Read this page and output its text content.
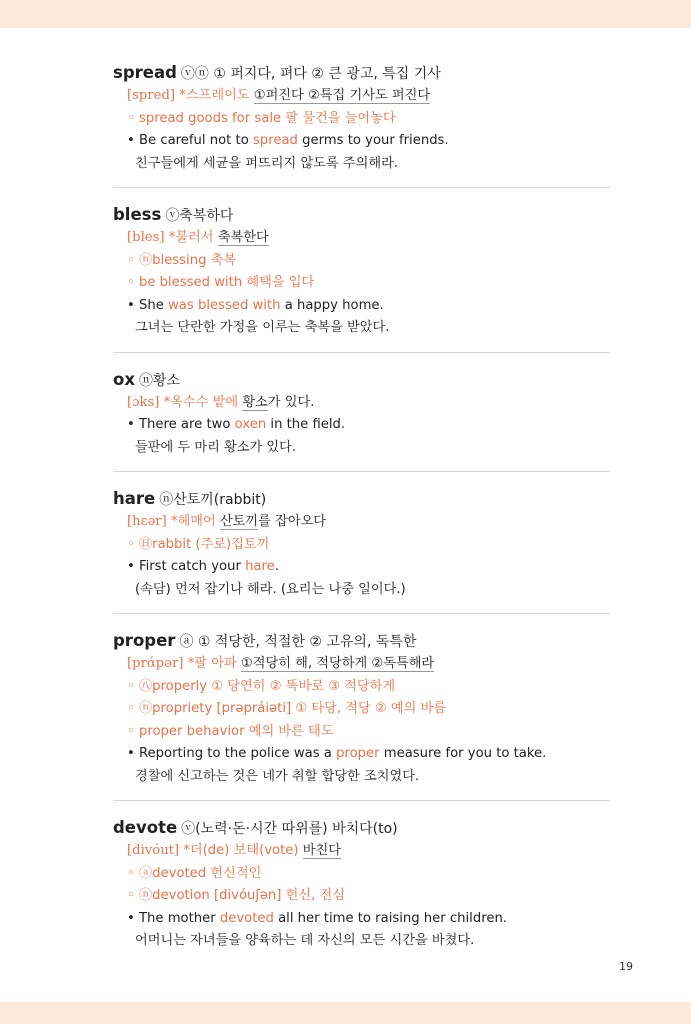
spread ⓥⓝ ① 퍼지다, 펴다 ② 큰 광고, 특집 기사
[spred] *스프레이도 ①퍼진다 ②특집 기사도 퍼진다
◦ spread goods for sale 팔 물건을 늘어놓다
• Be careful not to spread germs to your friends.
친구들에게 세균을 퍼뜨리지 않도록 주의해라.
bless ⓥ축복하다
[bles] *불러서 축복한다
◦ ⓝblessing 축복
◦ be blessed with 혜택을 입다
• She was blessed with a happy home.
그녀는 단란한 가정을 이루는 축복을 받았다.
ox ⓝ황소
[ɔks] *옥수수 밭에 황소가 있다.
• There are two oxen in the field.
들판에 두 마리 황소가 있다.
hare ⓝ산토끼(rabbit)
[hɛər] *헤매어 산토끼를 잡아오다
◦ ㊐rabbit (주로)집토끼
• First catch your hare.
(속담) 먼저 잡기나 해라. (요리는 나중 일이다.)
proper ⓐ ① 적당한, 적절한 ② 고유의, 독특한
[prάpər] *팔 아파 ①적당히 해, 적당하게 ②독특해라
◦ ㊇properly ① 당연히 ② 똑바로 ③ 적당하게
◦ ⓝpropriety [prəpráiəti] ① 타당, 적당 ② 예의 바름
◦ proper behavior 예의 바른 태도
• Reporting to the police was a proper measure for you to take.
경찰에 신고하는 것은 네가 취할 합당한 조치였다.
devote ⓥ(노력·돈·시간 따위를) 바치다(to)
[divóut] *더(de) 보태(vote) 바친다
◦ ⓐdevoted 헌신적인
◦ ⓝdevotion [divóuʃən] 헌신, 전심
• The mother devoted all her time to raising her children.
어머니는 자녀들을 양육하는 데 자신의 모든 시간을 바쳤다.
19
